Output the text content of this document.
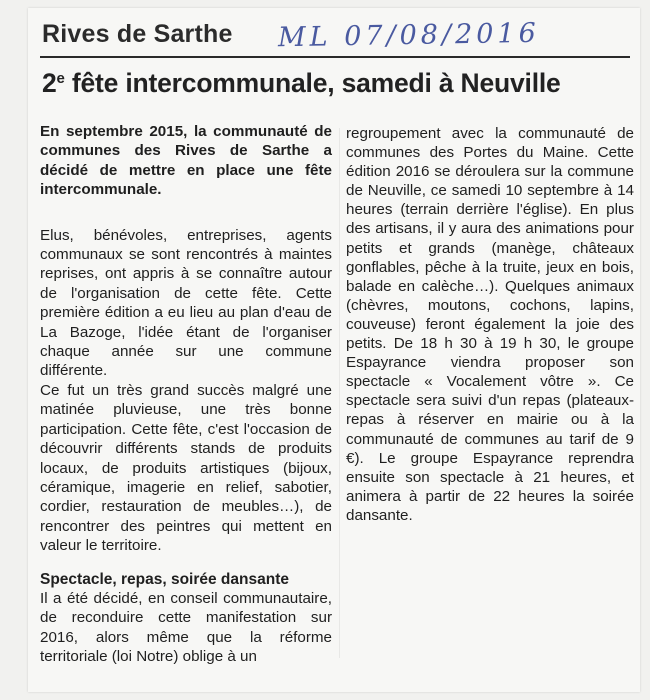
Rives de Sarthe ML 07/08/2016
2e fête intercommunale, samedi à Neuville

En septembre 2015, la communauté de communes des Rives de Sarthe a décidé de mettre en place une fête intercommunale.

Elus, bénévoles, entreprises, agents communaux se sont rencontrés à maintes reprises, ont appris à se connaître autour de l'organisation de cette fête. Cette première édition a eu lieu au plan d'eau de La Bazoge, l'idée étant de l'organiser chaque année sur une commune différente.

Ce fut un très grand succès malgré une matinée pluvieuse, une très bonne participation. Cette fête, c'est l'occasion de découvrir différents stands de produits locaux, de produits artistiques (bijoux, céramique, imagerie en relief, sabotier, cordier, restauration de meubles…), de rencontrer des peintres qui mettent en valeur le territoire.

Spectacle, repas, soirée dansante

Il a été décidé, en conseil communautaire, de reconduire cette manifestation sur 2016, alors même que la réforme territoriale (loi Notre) oblige à un

regroupement avec la communauté de communes des Portes du Maine. Cette édition 2016 se déroulera sur la commune de Neuville, ce samedi 10 septembre à 14 heures (terrain derrière l'église). En plus des artisans, il y aura des animations pour petits et grands (manège, châteaux gonflables, pêche à la truite, jeux en bois, balade en calèche…). Quelques animaux (chèvres, moutons, cochons, lapins, couveuse) feront également la joie des petits. De 18 h 30 à 19 h 30, le groupe Espayrance viendra proposer son spectacle « Vocalement vôtre ». Ce spectacle sera suivi d'un repas (plateaux-repas à réserver en mairie ou à la communauté de communes au tarif de 9 €). Le groupe Espayrance reprendra ensuite son spectacle à 21 heures, et animera à partir de 22 heures la soirée dansante.
